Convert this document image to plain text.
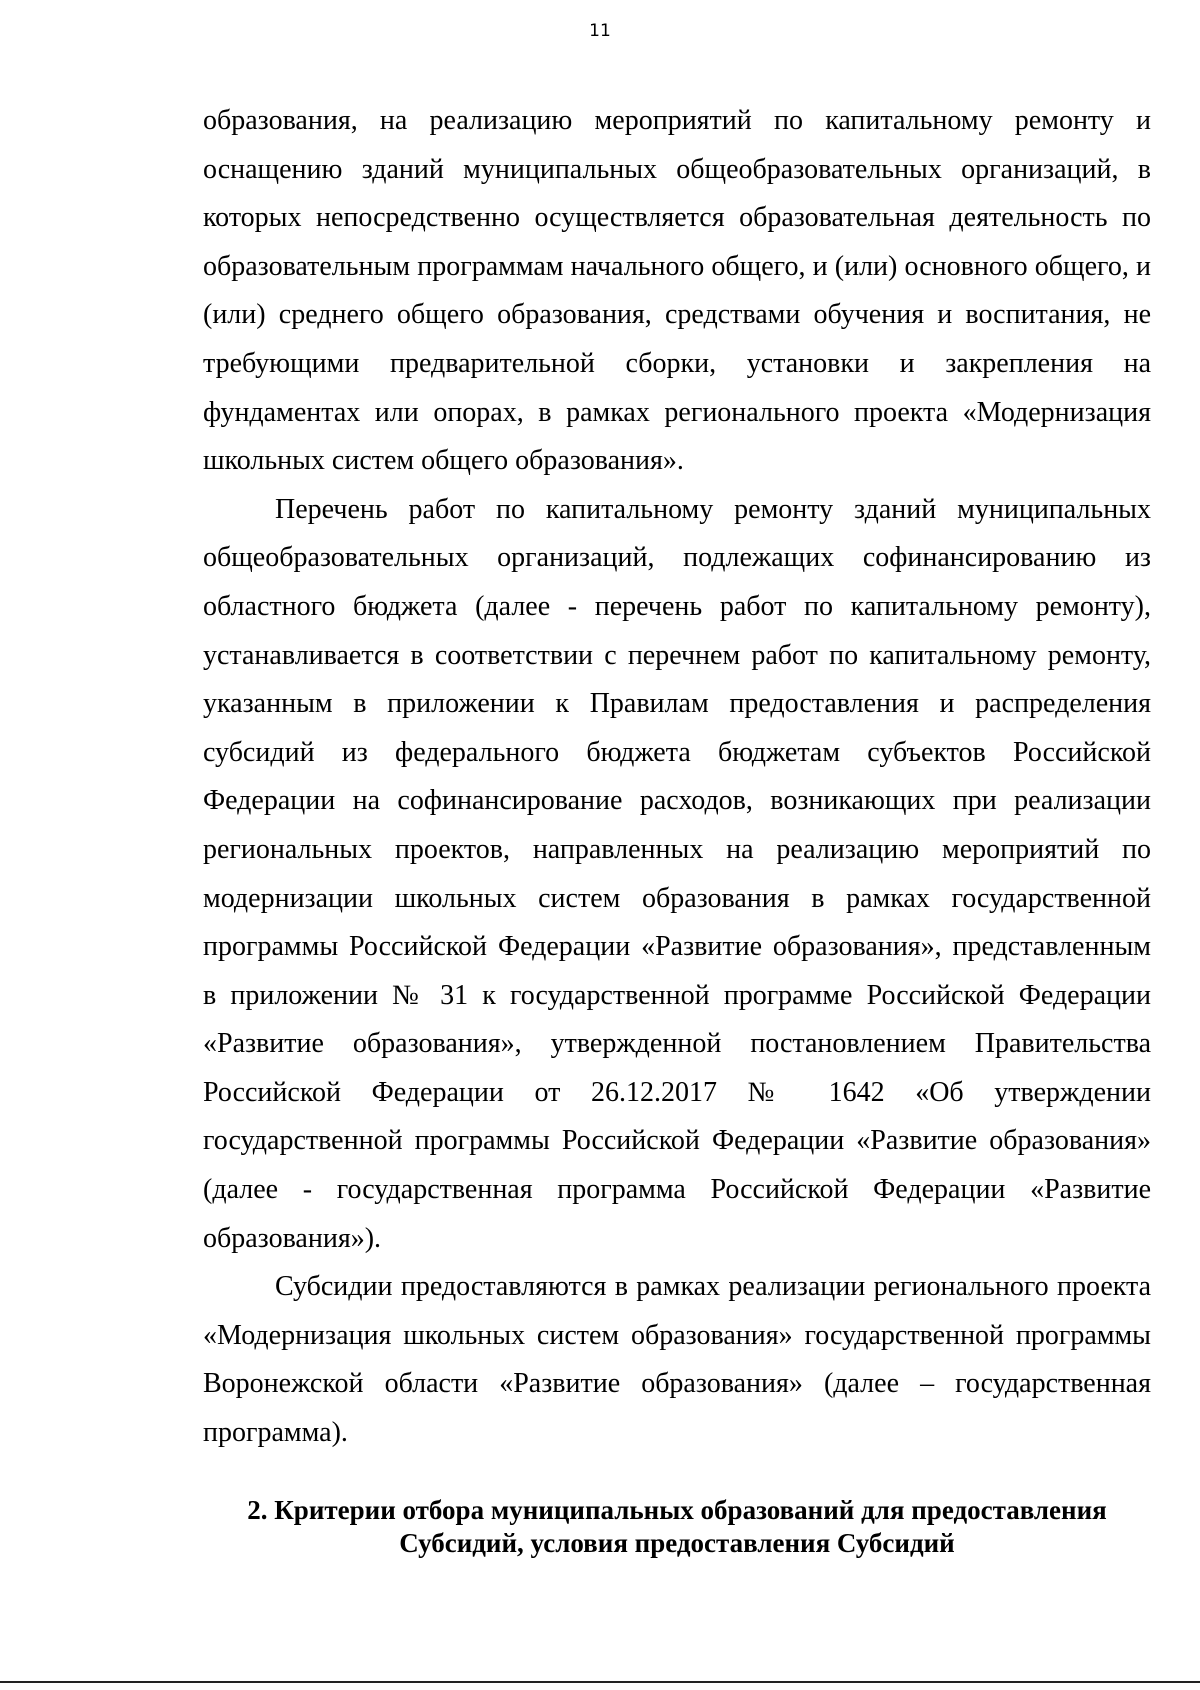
11

образования, на реализацию мероприятий по капитальному ремонту и оснащению зданий муниципальных общеобразовательных организаций, в которых непосредственно осуществляется образовательная деятельность по образовательным программам начального общего, и (или) основного общего, и (или) среднего общего образования, средствами обучения и воспитания, не требующими предварительной сборки, установки и закрепления на фундаментах или опорах, в рамках регионального проекта «Модернизация школьных систем общего образования».

Перечень работ по капитальному ремонту зданий муниципальных общеобразовательных организаций, подлежащих софинансированию из областного бюджета (далее - перечень работ по капитальному ремонту), устанавливается в соответствии с перечнем работ по капитальному ремонту, указанным в приложении к Правилам предоставления и распределения субсидий из федерального бюджета бюджетам субъектов Российской Федерации на софинансирование расходов, возникающих при реализации региональных проектов, направленных на реализацию мероприятий по модернизации школьных систем образования в рамках государственной программы Российской Федерации «Развитие образования», представленным в приложении № 31 к государственной программе Российской Федерации «Развитие образования», утвержденной постановлением Правительства Российской Федерации от 26.12.2017 № 1642 «Об утверждении государственной программы Российской Федерации «Развитие образования» (далее - государственная программа Российской Федерации «Развитие образования»).

Субсидии предоставляются в рамках реализации регионального проекта «Модернизация школьных систем образования» государственной программы Воронежской области «Развитие образования» (далее – государственная программа).

2. Критерии отбора муниципальных образований для предоставления
Субсидий, условия предоставления Субсидий
